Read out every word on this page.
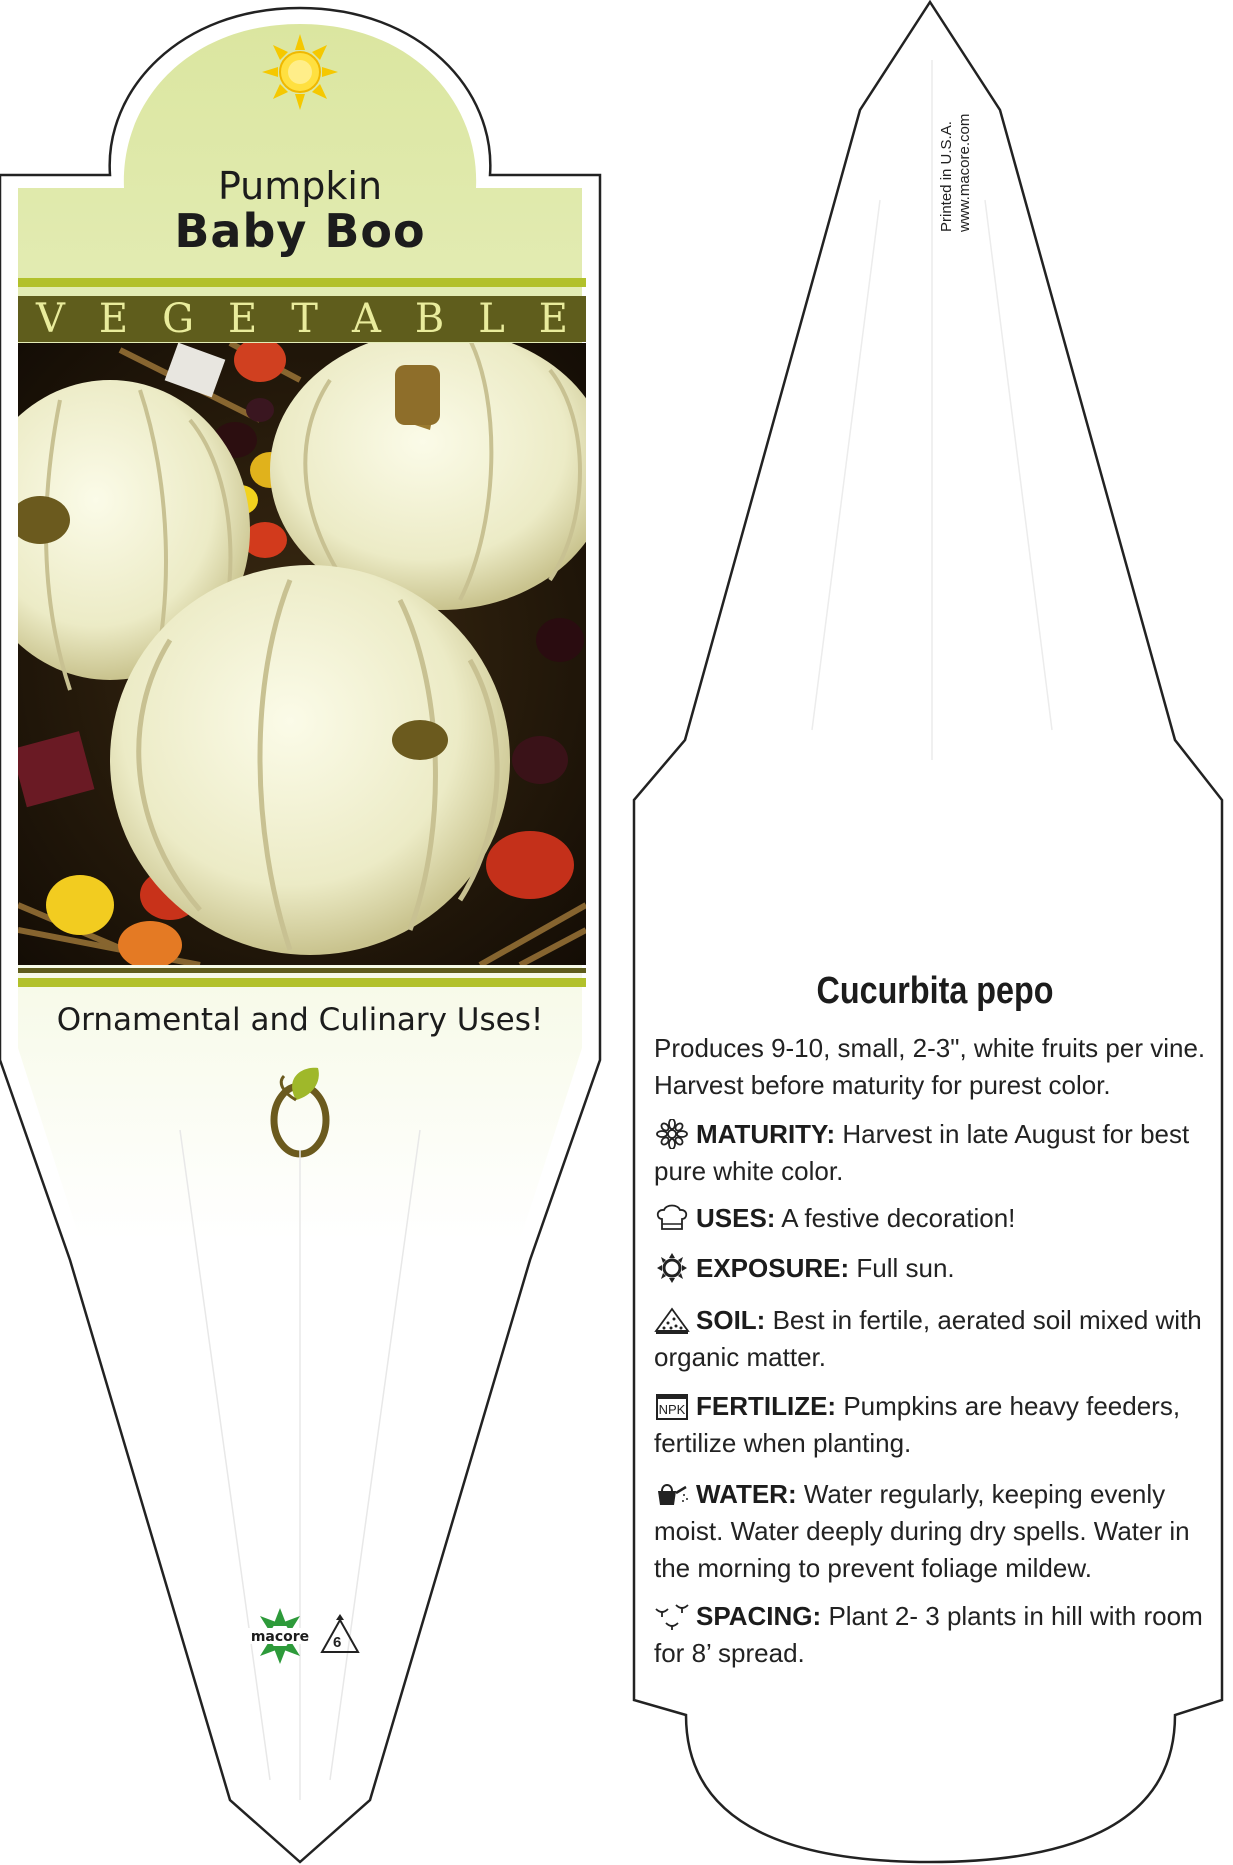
macore
Pumpkin
Baby Boo
V E G E T A B L E
Ornamental and Culinary Uses!
6
Printed in U.S.A. www.macore.com
Cucurbita pepo
Produces 9-10, small, 2-3", white fruits per vine. Harvest before maturity for purest color.
MATURITY: Harvest in late August for best pure white color.
USES: A festive decoration!
EXPOSURE: Full sun.
SOIL: Best in fertile, aerated soil mixed with organic matter.
NPK FERTILIZE: Pumpkins are heavy feeders, fertilize when planting.
WATER: Water regularly, keeping evenly moist. Water deeply during dry spells. Water in the morning to prevent foliage mildew.
SPACING: Plant 2- 3 plants in hill with room for 8’ spread.
